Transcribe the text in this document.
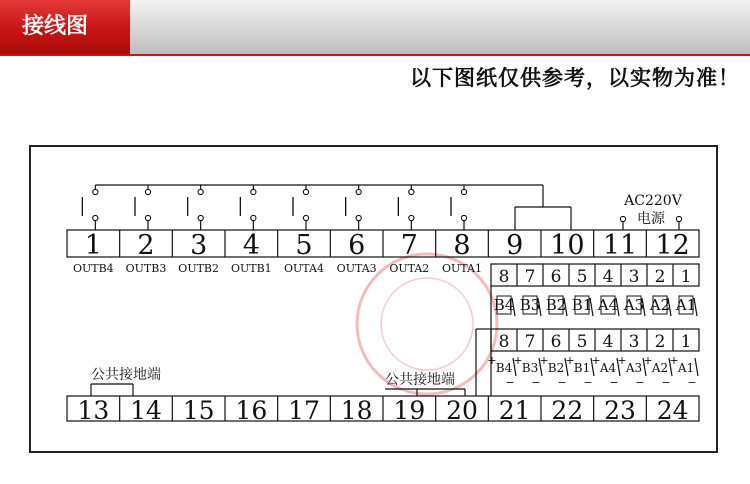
接线图
以下图纸仅供参考，以实物为准！
1 2 3 4 5 6 7 8 9 10 11 12
OUTB4 OUTB3 OUTB2 OUTB1 OUTA4 OUTA3 OUTA2 OUTA1
AC220V
电源
8 7 6 5 4 3 2 1
B4 B3 B2 B1 A4 A3 A2 A1
8 7 6 5 4 3 2 1
B4
+
−
B3
+
−
B2
+
−
B1
+
−
A4
+
−
A3
+
−
A2
+
−
A1
+
−
13 14 15 16 17 18 19 20 21 22 23 24
公共接地端	公共接地端
